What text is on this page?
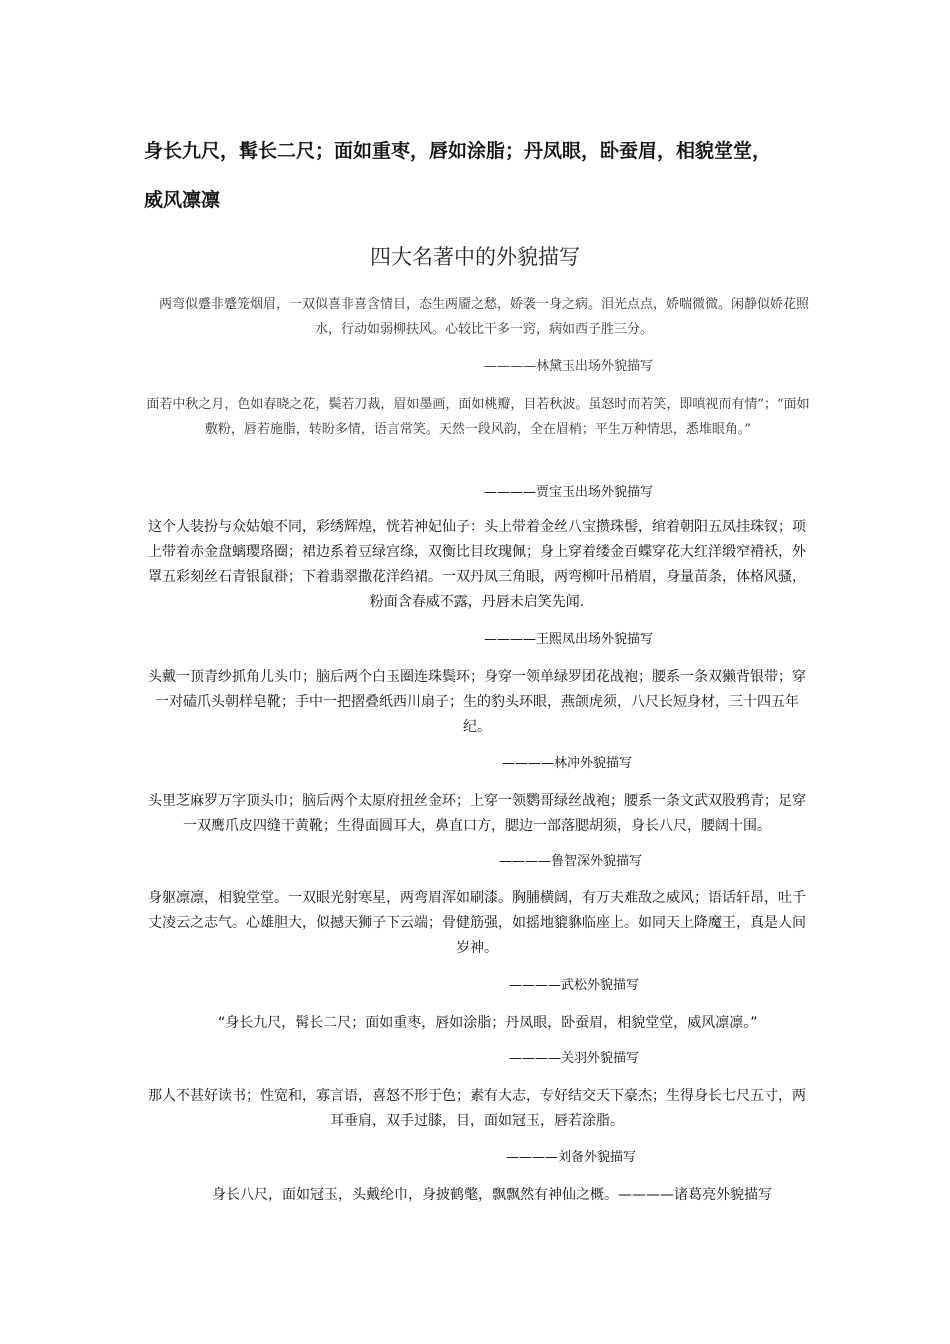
身长九尺，髯长二尺；面如重枣，唇如涂脂；丹凤眼，卧蚕眉，相貌堂堂，
威风凛凛
四大名著中的外貌描写
两弯似蹙非蹙笼烟眉，一双似喜非喜含情目，态生两靥之愁，娇袭一身之病。泪光点点，娇喘微微。闲静似娇花照水，行动如弱柳扶风。心较比干多一窍，病如西子胜三分。
————林黛玉出场外貌描写
面若中秋之月，色如春晓之花，鬓若刀裁，眉如墨画，面如桃瓣，目若秋波。虽怒时而若笑，即嗔视而有情”；“面如敷粉，唇若施脂，转盼多情，语言常笑。天然一段风韵，全在眉梢；平生万种情思，悉堆眼角。”
————贾宝玉出场外貌描写
这个人装扮与众姑娘不同，彩绣辉煌，恍若神妃仙子：头上带着金丝八宝攒珠髻，绾着朝阳五凤挂珠钗；项上带着赤金盘螭璎珞圈；裙边系着豆绿宫绦，双衡比目玫瑰佩；身上穿着缕金百蝶穿花大红洋缎窄褙袄，外罩五彩刻丝石青银鼠褂；下着翡翠撒花洋绉裙。一双丹凤三角眼，两弯柳叶吊梢眉，身量苗条，体格风骚，粉面含春威不露，丹唇未启笑先闻.
————王熙凤出场外貌描写
头戴一顶青纱抓角儿头巾；脑后两个白玉圈连珠鬓环；身穿一领单绿罗团花战袍；腰系一条双獭背银带；穿一对磕爪头朝样皂靴；手中一把摺叠纸西川扇子；生的豹头环眼，燕颌虎须，八尺长短身材，三十四五年纪。
————林冲外貌描写
头里芝麻罗万字顶头巾；脑后两个太原府扭丝金环；上穿一领鹦哥绿丝战袍；腰系一条文武双股鸦青；足穿一双鹰爪皮四缝干黄靴；生得面圆耳大，鼻直口方，腮边一部落腮胡须，身长八尺，腰阔十围。
————鲁智深外貌描写
身躯凛凛，相貌堂堂。一双眼光射寒星，两弯眉浑如刷漆。胸脯横阔，有万夫难敌之威风；语话轩昂，吐千丈凌云之志气。心雄胆大，似撼天狮子下云端；骨健筋强，如摇地貔貅临座上。如同天上降魔王，真是人间岁神。
————武松外貌描写
“身长九尺，髯长二尺；面如重枣，唇如涂脂；丹凤眼，卧蚕眉，相貌堂堂，威风凛凛。”
————关羽外貌描写
那人不甚好读书；性宽和，寡言语，喜怒不形于色；素有大志，专好结交天下豪杰；生得身长七尺五寸，两耳垂肩，双手过膝，目，面如冠玉，唇若涂脂。
————刘备外貌描写
身长八尺，面如冠玉，头戴纶巾，身披鹤氅，飘飘然有神仙之概。————诸葛亮外貌描写
